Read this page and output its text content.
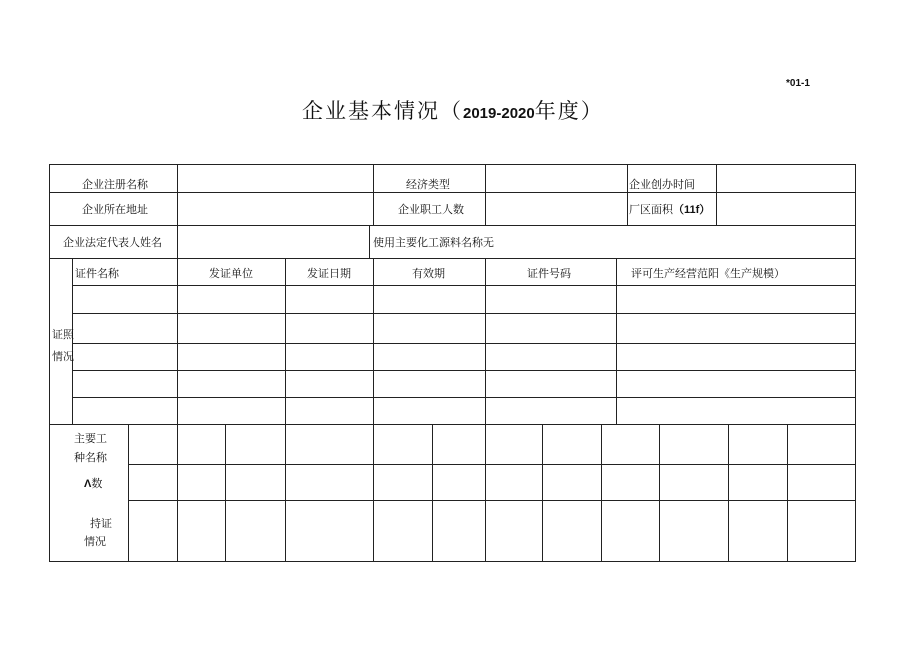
*01-1
企业基本情况（2019-2020年度）
企业注册名称	经济类型	企业创办时间
企业所在地址	企业职工人数	厂区面积（11f）
企业法定代表人姓名	使用主要化工源料名称无
证照
情况
证件名称	发证单位	发证日期	有效期	证件号码	评可生产经营范阳《生产规模）
主要工
种名称
Λ数
持证
情况
